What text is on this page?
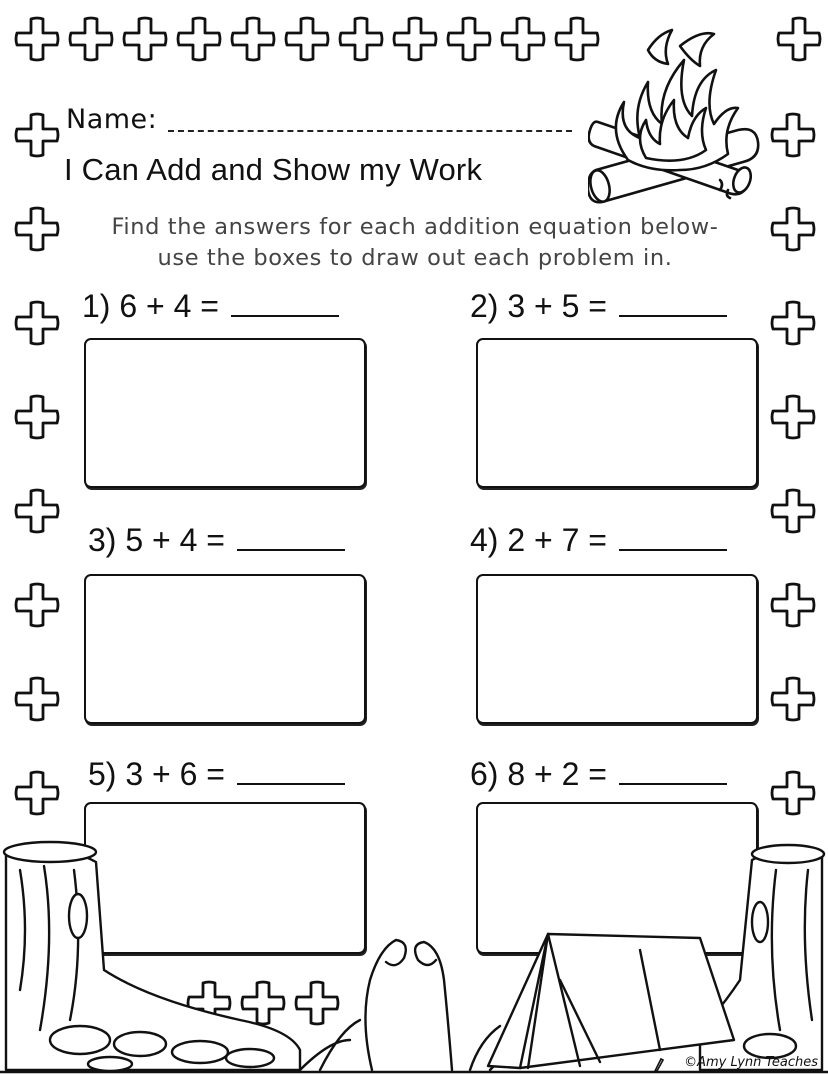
Name:
I Can Add and Show my Work
Find the answers for each addition equation below-
use the boxes to draw out each problem in.
1) 6 + 4 =	2) 3 + 5 =
3) 5 + 4 =	4) 2 + 7 =
5) 3 + 6 =	6) 8 + 2 =
©Amy Lynn Teaches
